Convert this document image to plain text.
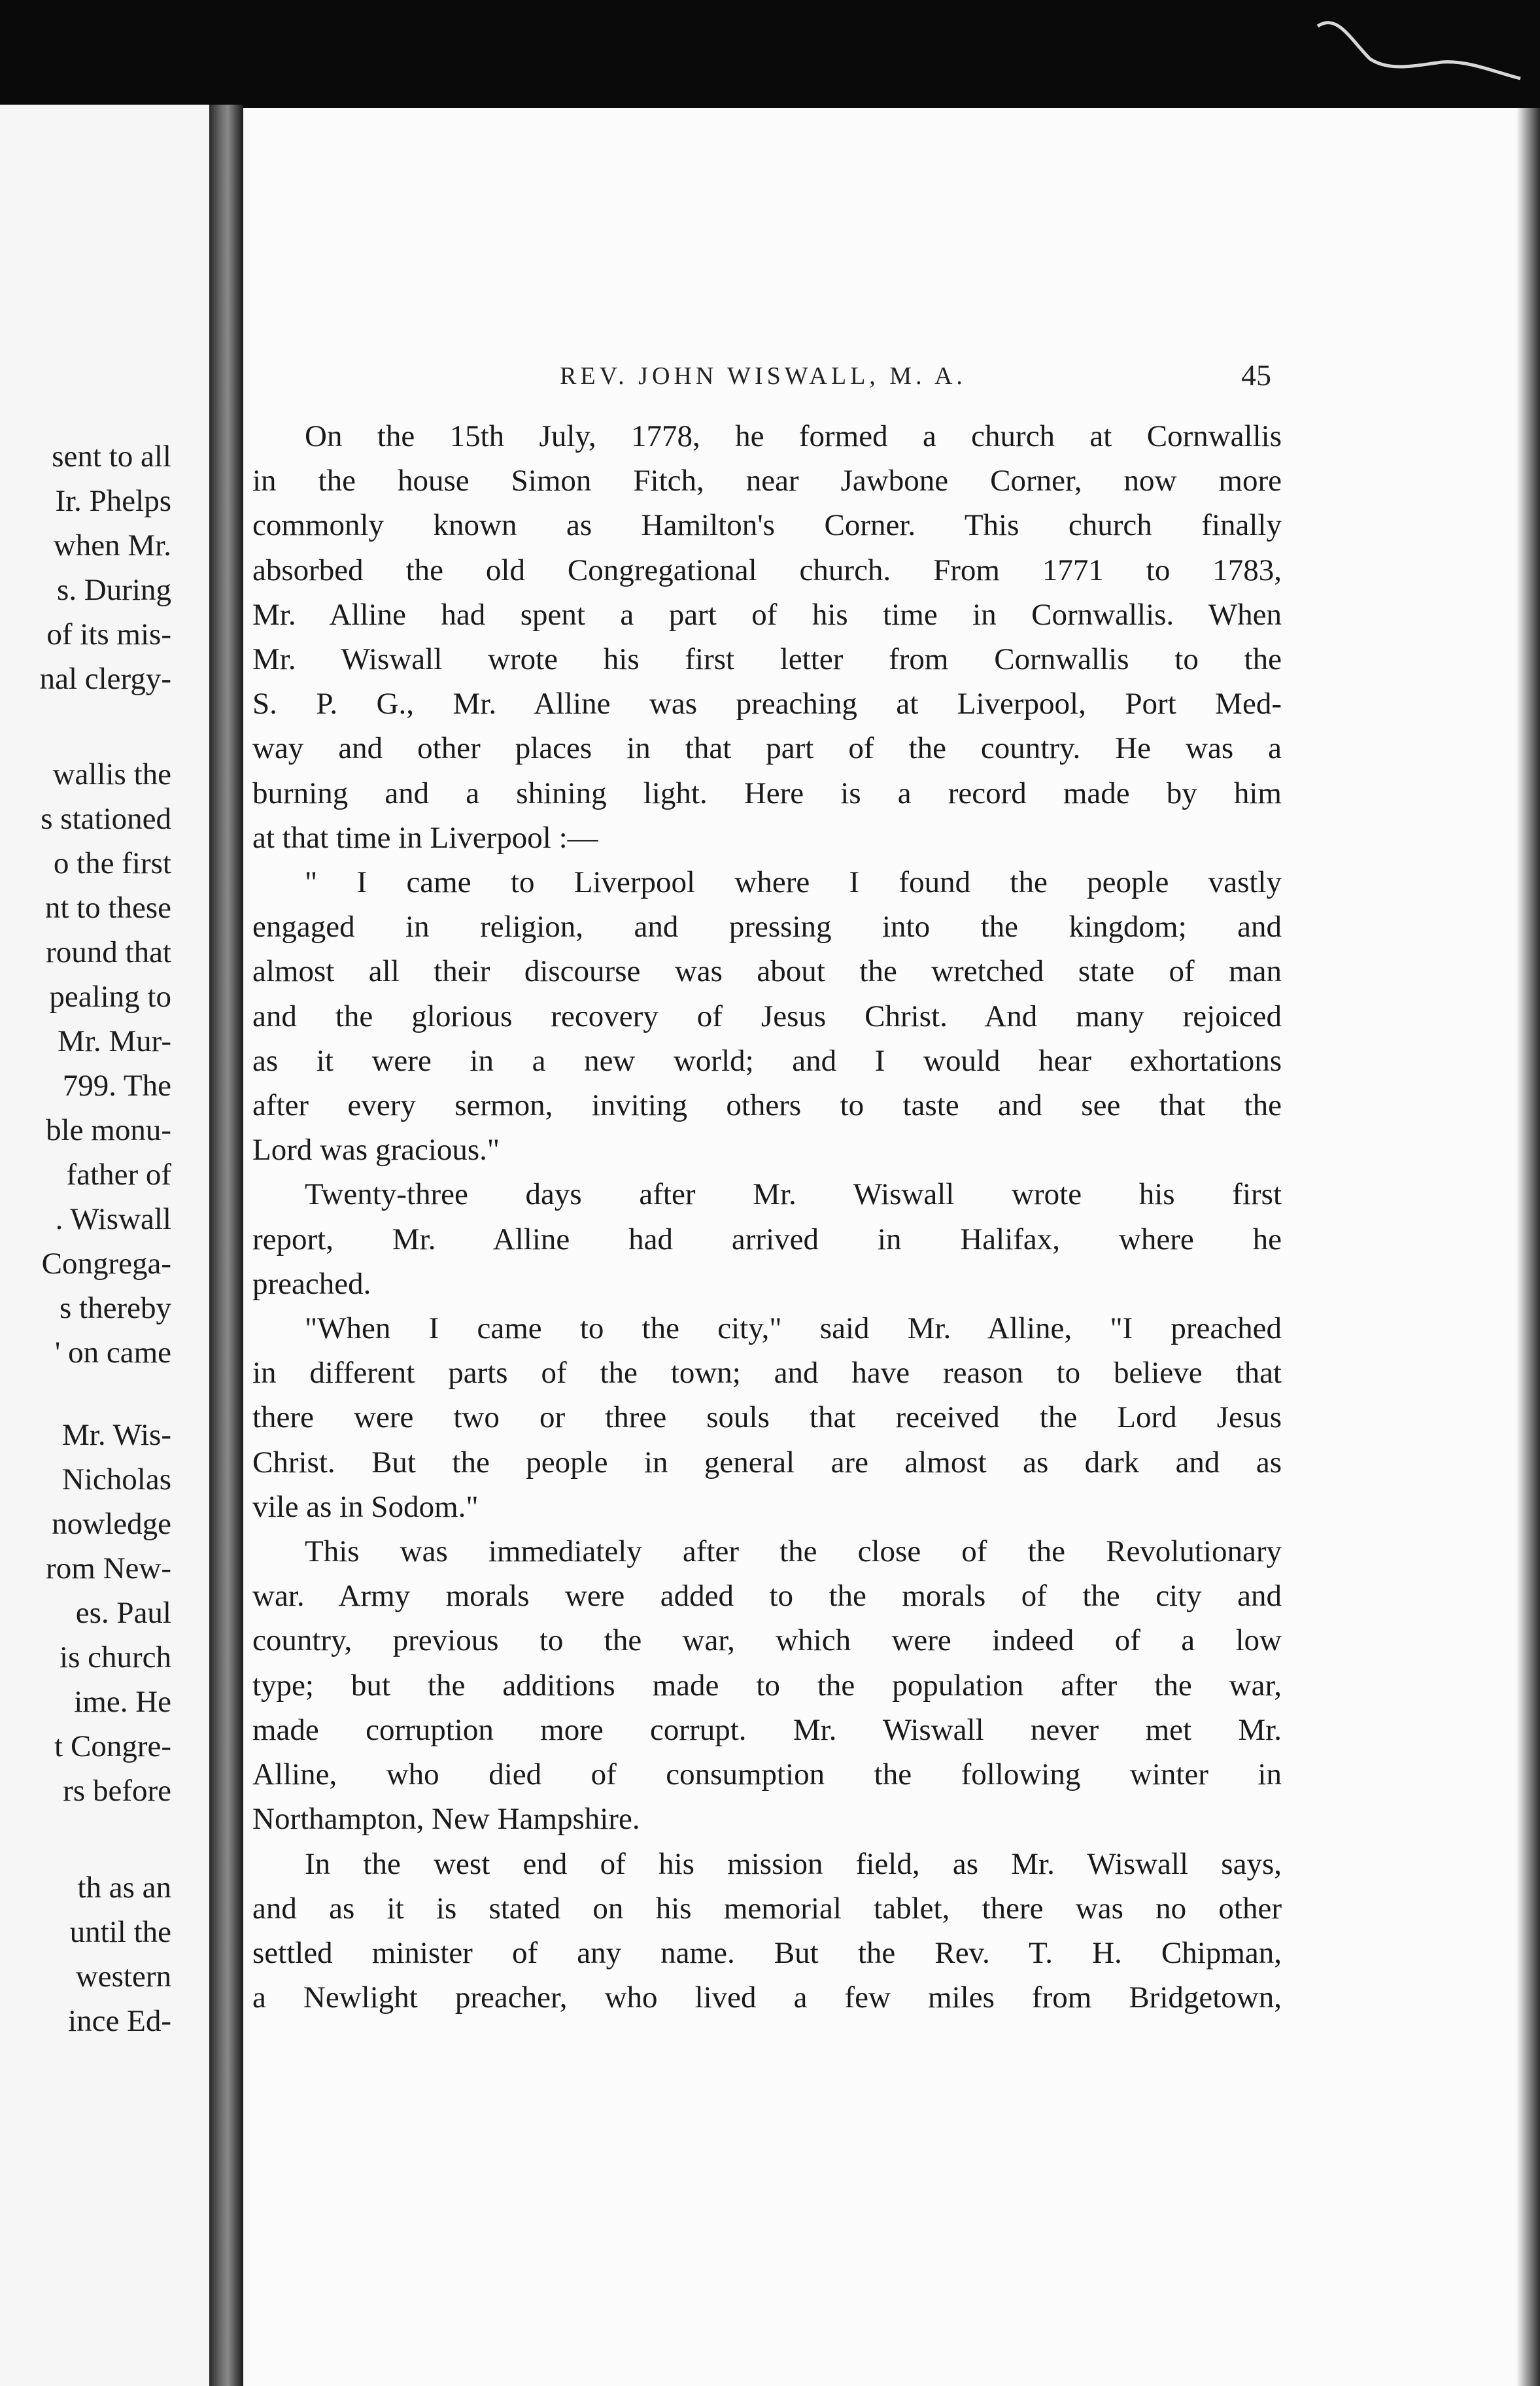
sent to all
Ir. Phelps
when Mr.
s. During
of its mis-
nal clergy-
wallis the
s stationed
o the first
nt to these
round that
pealing to
Mr. Mur-
799. The
ble monu-
father of
. Wiswall
Congrega-
s thereby
' on came
Mr. Wis-
Nicholas
nowledge
rom New-
es. Paul
is church
ime. He
t Congre-
rs before
th as an
until the
western
ince Ed-
REV. JOHN WISWALL, M. A.	45
On the 15th July, 1778, he formed a church at Cornwallis
in the house Simon Fitch, near Jawbone Corner, now more
commonly known as Hamilton's Corner. This church finally
absorbed the old Congregational church. From 1771 to 1783,
Mr. Alline had spent a part of his time in Cornwallis. When
Mr. Wiswall wrote his first letter from Cornwallis to the
S. P. G., Mr. Alline was preaching at Liverpool, Port Med-
way and other places in that part of the country. He was a
burning and a shining light. Here is a record made by him
at that time in Liverpool :—
" I came to Liverpool where I found the people vastly
engaged in religion, and pressing into the kingdom; and
almost all their discourse was about the wretched state of man
and the glorious recovery of Jesus Christ. And many rejoiced
as it were in a new world; and I would hear exhortations
after every sermon, inviting others to taste and see that the
Lord was gracious."
Twenty-three days after Mr. Wiswall wrote his first
report, Mr. Alline had arrived in Halifax, where he
preached.
"When I came to the city," said Mr. Alline, "I preached
in different parts of the town; and have reason to believe that
there were two or three souls that received the Lord Jesus
Christ. But the people in general are almost as dark and as
vile as in Sodom."
This was immediately after the close of the Revolutionary
war. Army morals were added to the morals of the city and
country, previous to the war, which were indeed of a low
type; but the additions made to the population after the war,
made corruption more corrupt. Mr. Wiswall never met Mr.
Alline, who died of consumption the following winter in
Northampton, New Hampshire.
In the west end of his mission field, as Mr. Wiswall says,
and as it is stated on his memorial tablet, there was no other
settled minister of any name. But the Rev. T. H. Chipman,
a Newlight preacher, who lived a few miles from Bridgetown,
